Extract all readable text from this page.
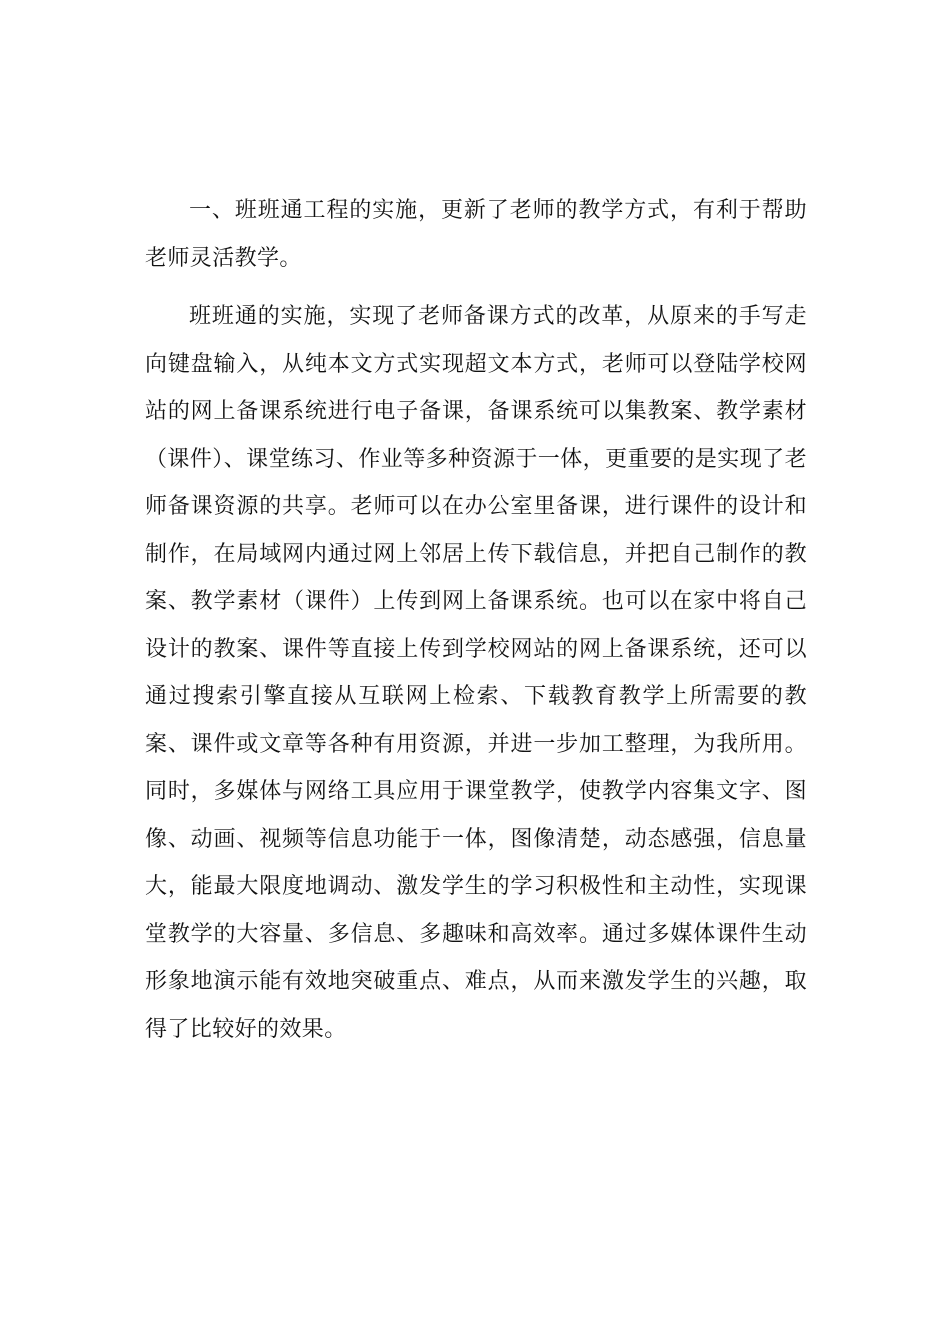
一、班班通工程的实施，更新了老师的教学方式，有利于帮助老师灵活教学。

班班通的实施，实现了老师备课方式的改革，从原来的手写走向键盘输入，从纯本文方式实现超文本方式，老师可以登陆学校网站的网上备课系统进行电子备课，备课系统可以集教案、教学素材（课件）、课堂练习、作业等多种资源于一体，更重要的是实现了老师备课资源的共享。老师可以在办公室里备课，进行课件的设计和制作，在局域网内通过网上邻居上传下载信息，并把自己制作的教案、教学素材（课件）上传到网上备课系统。也可以在家中将自己设计的教案、课件等直接上传到学校网站的网上备课系统，还可以通过搜索引擎直接从互联网上检索、下载教育教学上所需要的教案、课件或文章等各种有用资源，并进一步加工整理，为我所用。同时，多媒体与网络工具应用于课堂教学，使教学内容集文字、图像、动画、视频等信息功能于一体，图像清楚，动态感强，信息量大，能最大限度地调动、激发学生的学习积极性和主动性，实现课堂教学的大容量、多信息、多趣味和高效率。通过多媒体课件生动形象地演示能有效地突破重点、难点，从而来激发学生的兴趣，取得了比较好的效果。
